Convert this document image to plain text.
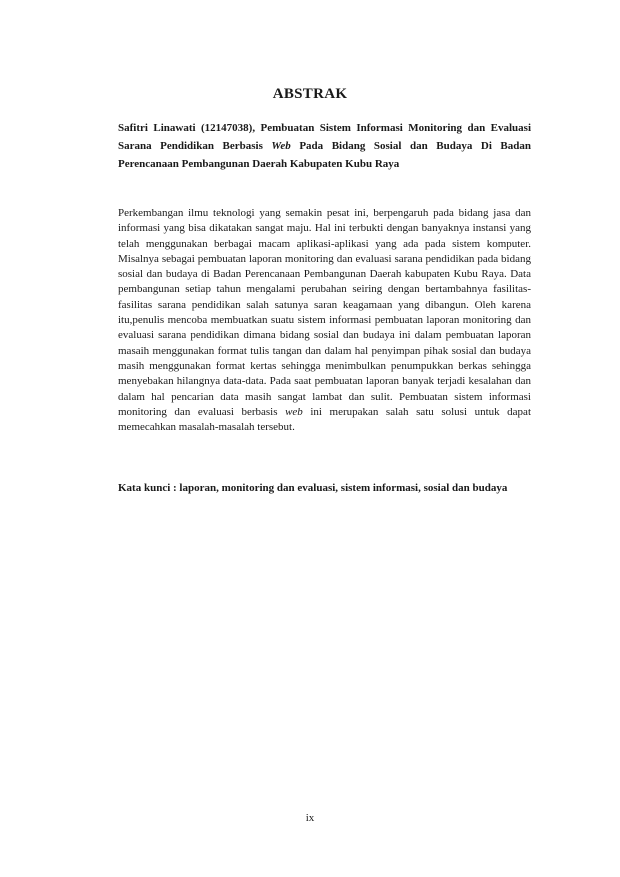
ABSTRAK
Safitri Linawati (12147038), Pembuatan Sistem Informasi Monitoring dan Evaluasi Sarana Pendidikan Berbasis Web Pada Bidang Sosial dan Budaya Di Badan Perencanaan Pembangunan Daerah Kabupaten Kubu Raya
Perkembangan ilmu teknologi yang semakin pesat ini, berpengaruh pada bidang jasa dan informasi yang bisa dikatakan sangat maju. Hal ini terbukti dengan banyaknya instansi yang telah menggunakan berbagai macam aplikasi-aplikasi yang ada pada sistem komputer. Misalnya sebagai pembuatan laporan monitoring dan evaluasi sarana pendidikan pada bidang sosial dan budaya di Badan Perencanaan Pembangunan Daerah kabupaten Kubu Raya. Data pembangunan setiap tahun mengalami perubahan seiring dengan bertambahnya fasilitas-fasilitas sarana pendidikan salah satunya saran keagamaan yang dibangun. Oleh karena itu,penulis mencoba membuatkan suatu sistem informasi pembuatan laporan monitoring dan evaluasi sarana pendidikan dimana bidang sosial dan budaya ini dalam pembuatan laporan masaih menggunakan format tulis tangan dan dalam hal penyimpan pihak sosial dan budaya masih menggunakan format kertas sehingga menimbulkan penumpukkan berkas sehingga menyebakan hilangnya data-data. Pada saat pembuatan laporan banyak terjadi kesalahan dan dalam hal pencarian data masih sangat lambat dan sulit. Pembuatan sistem informasi monitoring dan evaluasi berbasis web ini merupakan salah satu solusi untuk dapat memecahkan masalah-masalah tersebut.
Kata kunci : laporan, monitoring dan evaluasi, sistem informasi, sosial dan budaya
ix
